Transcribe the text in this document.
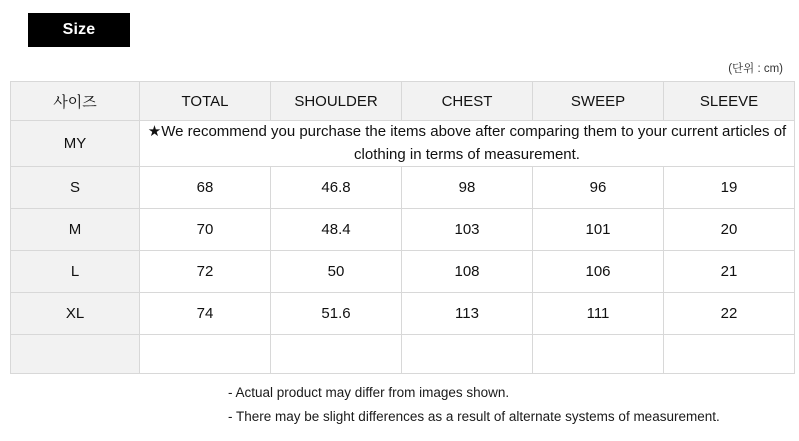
Size
(단위 : cm)
사이즈	TOTAL	SHOULDER	CHEST	SWEEP	SLEEVE
MY	★We recommend you purchase the items above after comparing them to your current articles of clothing in terms of measurement.				
S	68	46.8	98	96	19
M	70	48.4	103	101	20
L	72	50	108	106	21
XL	74	51.6	113	111	22

- Actual product may differ from images shown.
- There may be slight differences as a result of alternate systems of measurement.
